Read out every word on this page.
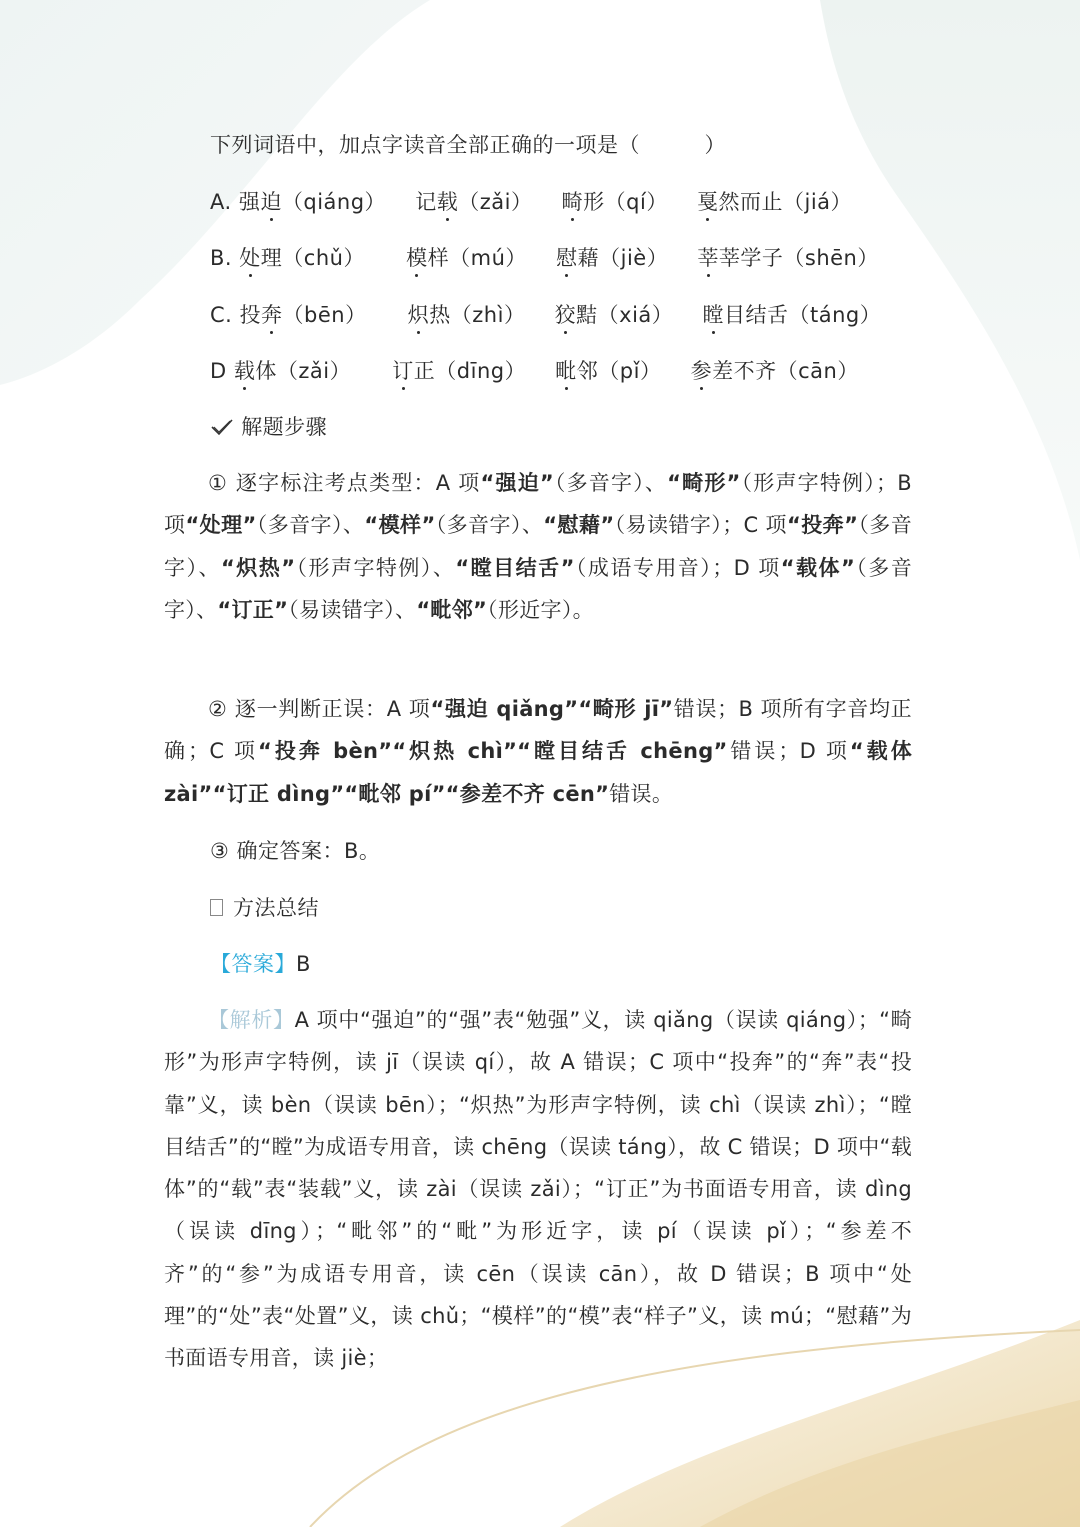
下列词语中，加点字读音全部正确的一项是（　　　）
A. 强迫（qiáng） 记载（zǎi） 畸形（qí） 戛然而止（jiá）
B. 处理（chǔ） 模样（mú） 慰藉（jiè） 莘莘学子（shēn）
C. 投奔（bēn） 炽热（zhì） 狡黠（xiá） 瞠目结舌（táng）
D 载体（zǎi） 订正（dīng） 毗邻（pǐ） 参差不齐（cān）
解题步骤

① 逐字标注考点类型：A 项“强迫”（多音字）、“畸形”（形声字特例）；B 项“处理”（多音字）、“模样”（多音字）、“慰藉”（易读错字）；C 项“投奔”（多音字）、“炽热”（形声字特例）、“瞠目结舌”（成语专用音）；D 项“载体”（多音字）、“订正”（易读错字）、“毗邻”（形近字）。

② 逐一判断正误：A 项“强迫 qiǎng”“畸形 jī”错误；B 项所有字音均正确；C 项“投奔 bèn”“炽热 chì”“瞠目结舌 chēng”错误；D 项“载体 zài”“订正 dìng”“毗邻 pí”“参差不齐 cēn”错误。

③ 确定答案：B。
方法总结
【答案】B

【解析】A 项中“强迫”的“强”表“勉强”义，读 qiǎng（误读 qiáng）；“畸形”为形声字特例，读 jī（误读 qí），故 A 错误；C 项中“投奔”的“奔”表“投靠”义，读 bèn（误读 bēn）；“炽热”为形声字特例，读 chì（误读 zhì）；“瞠目结舌”的“瞠”为成语专用音，读 chēng（误读 táng），故 C 错误；D 项中“载体”的“载”表“装载”义，读 zài（误读 zǎi）；“订正”为书面语专用音，读 dìng（误读 dīng）；“毗邻”的“毗”为形近字，读 pí（误读 pǐ）；“参差不齐”的“参”为成语专用音，读 cēn（误读 cān），故 D 错误；B 项中“处理”的“处”表“处置”义，读 chǔ；“模样”的“模”表“样子”义，读 mú；“慰藉”为书面语专用音，读 jiè；
